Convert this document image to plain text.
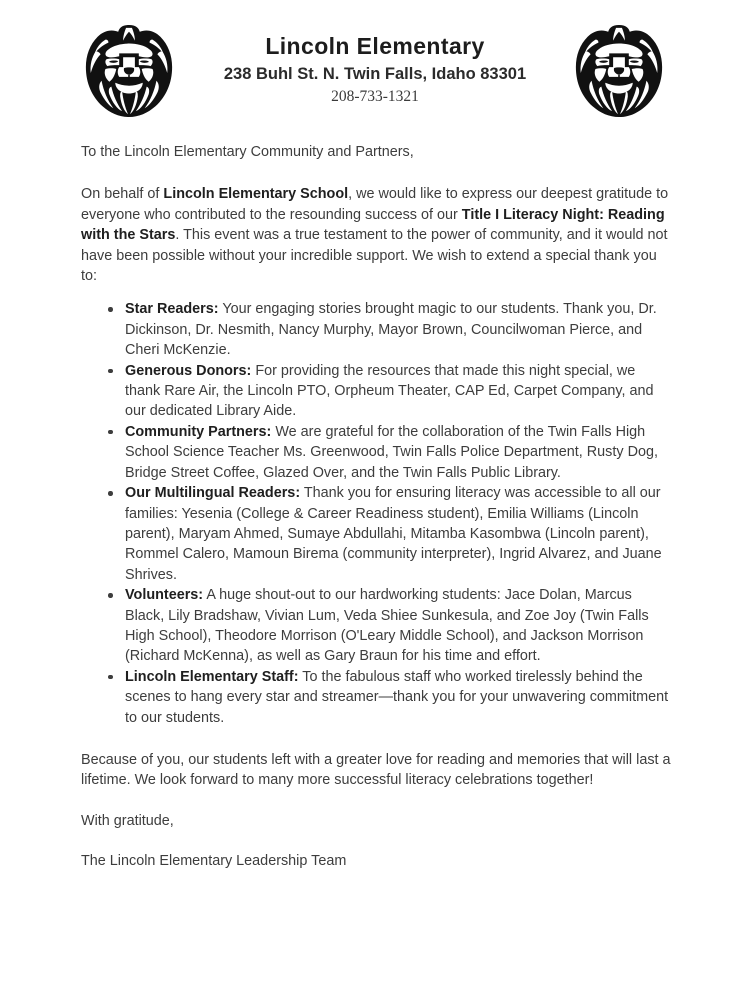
Lincoln Elementary
238 Buhl St. N. Twin Falls, Idaho 83301
208-733-1321

To the Lincoln Elementary Community and Partners,

On behalf of Lincoln Elementary School, we would like to express our deepest gratitude to everyone who contributed to the resounding success of our Title I Literacy Night: Reading with the Stars. This event was a true testament to the power of community, and it would not have been possible without your incredible support. We wish to extend a special thank you to:

Star Readers: Your engaging stories brought magic to our students. Thank you, Dr. Dickinson, Dr. Nesmith, Nancy Murphy, Mayor Brown, Councilwoman Pierce, and Cheri McKenzie.
Generous Donors: For providing the resources that made this night special, we thank Rare Air, the Lincoln PTO, Orpheum Theater, CAP Ed, Carpet Company, and our dedicated Library Aide.
Community Partners: We are grateful for the collaboration of the Twin Falls High School Science Teacher Ms. Greenwood, Twin Falls Police Department, Rusty Dog, Bridge Street Coffee, Glazed Over, and the Twin Falls Public Library.
Our Multilingual Readers: Thank you for ensuring literacy was accessible to all our families: Yesenia (College & Career Readiness student), Emilia Williams (Lincoln parent), Maryam Ahmed, Sumaye Abdullahi, Mitamba Kasombwa (Lincoln parent), Rommel Calero, Mamoun Birema (community interpreter), Ingrid Alvarez, and Juane Shrives.
Volunteers: A huge shout-out to our hardworking students: Jace Dolan, Marcus Black, Lily Bradshaw, Vivian Lum, Veda Shiee Sunkesula, and Zoe Joy (Twin Falls High School), Theodore Morrison (O'Leary Middle School), and Jackson Morrison (Richard McKenna), as well as Gary Braun for his time and effort.
Lincoln Elementary Staff: To the fabulous staff who worked tirelessly behind the scenes to hang every star and streamer—thank you for your unwavering commitment to our students.

Because of you, our students left with a greater love for reading and memories that will last a lifetime. We look forward to many more successful literacy celebrations together!

With gratitude,

The Lincoln Elementary Leadership Team
